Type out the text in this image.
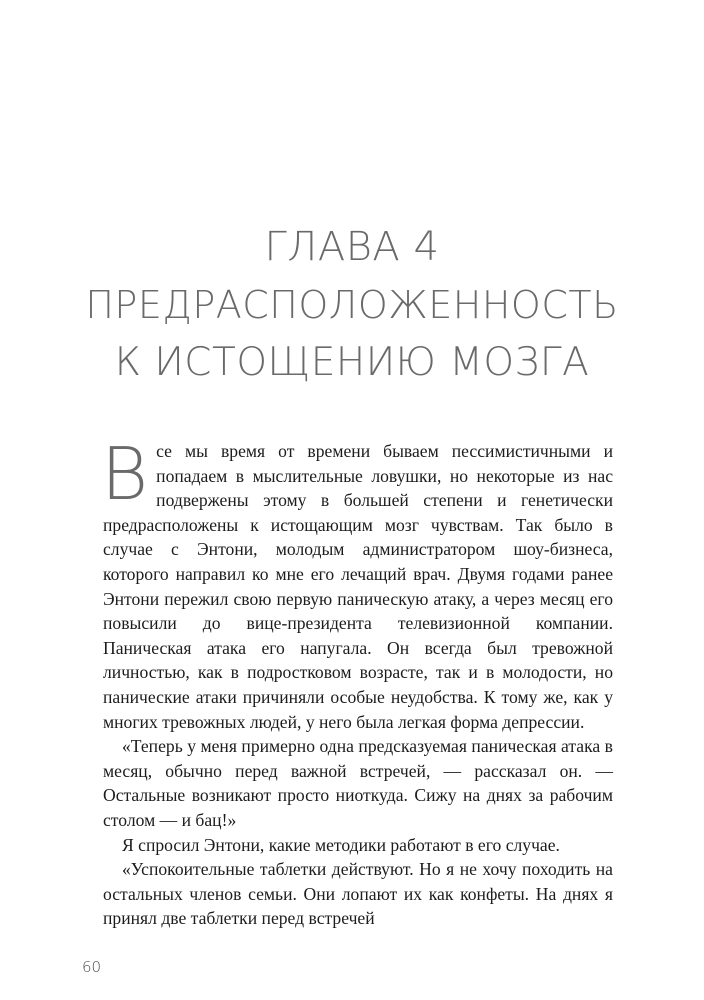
ГЛАВА 4
ПРЕДРАСПОЛОЖЕННОСТЬ
К ИСТОЩЕНИЮ МОЗГА

Все мы время от времени бываем пессимистичными и попадаем в мыслительные ловушки, но некоторые из нас подвержены этому в большей степени и генетически предрасположены к истощающим мозг чувствам. Так было в случае с Энтони, молодым администратором шоу-бизнеса, которого направил ко мне его лечащий врач. Двумя годами ранее Энтони пережил свою первую паническую атаку, а через месяц его повысили до вице-президента телевизионной компании. Паническая атака его напугала. Он всегда был тревожной личностью, как в подростковом возрасте, так и в молодости, но панические атаки причиняли особые неудобства. К тому же, как у многих тревожных людей, у него была легкая форма депрессии.

«Теперь у меня примерно одна предсказуемая паническая атака в месяц, обычно перед важной встречей, — рассказал он. — Остальные возникают просто ниоткуда. Сижу на днях за рабочим столом — и бац!»

Я спросил Энтони, какие методики работают в его случае.

«Успокоительные таблетки действуют. Но я не хочу походить на остальных членов семьи. Они лопают их как конфеты. На днях я принял две таблетки перед встречей

60
